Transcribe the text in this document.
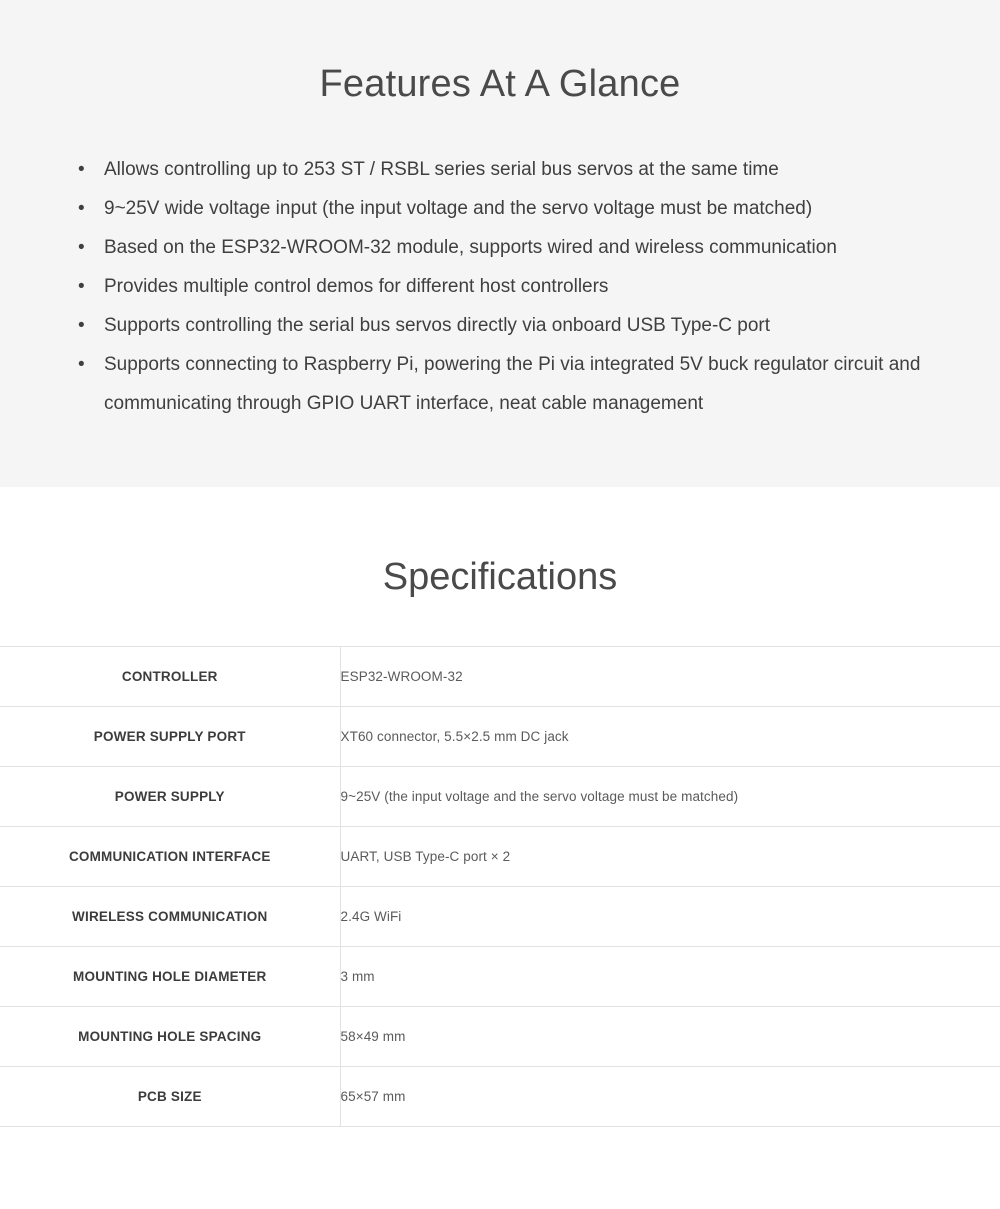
Features At A Glance
• Allows controlling up to 253 ST / RSBL series serial bus servos at the same time
• 9~25V wide voltage input (the input voltage and the servo voltage must be matched)
• Based on the ESP32-WROOM-32 module, supports wired and wireless communication
• Provides multiple control demos for different host controllers
• Supports controlling the serial bus servos directly via onboard USB Type-C port
• Supports connecting to Raspberry Pi, powering the Pi via integrated 5V buck regulator circuit and communicating through GPIO UART interface, neat cable management
Specifications
CONTROLLER	ESP32-WROOM-32
POWER SUPPLY PORT	XT60 connector, 5.5×2.5 mm DC jack
POWER SUPPLY	9~25V (the input voltage and the servo voltage must be matched)
COMMUNICATION INTERFACE	UART, USB Type-C port × 2
WIRELESS COMMUNICATION	2.4G WiFi
MOUNTING HOLE DIAMETER	3 mm
MOUNTING HOLE SPACING	58×49 mm
PCB SIZE	65×57 mm
